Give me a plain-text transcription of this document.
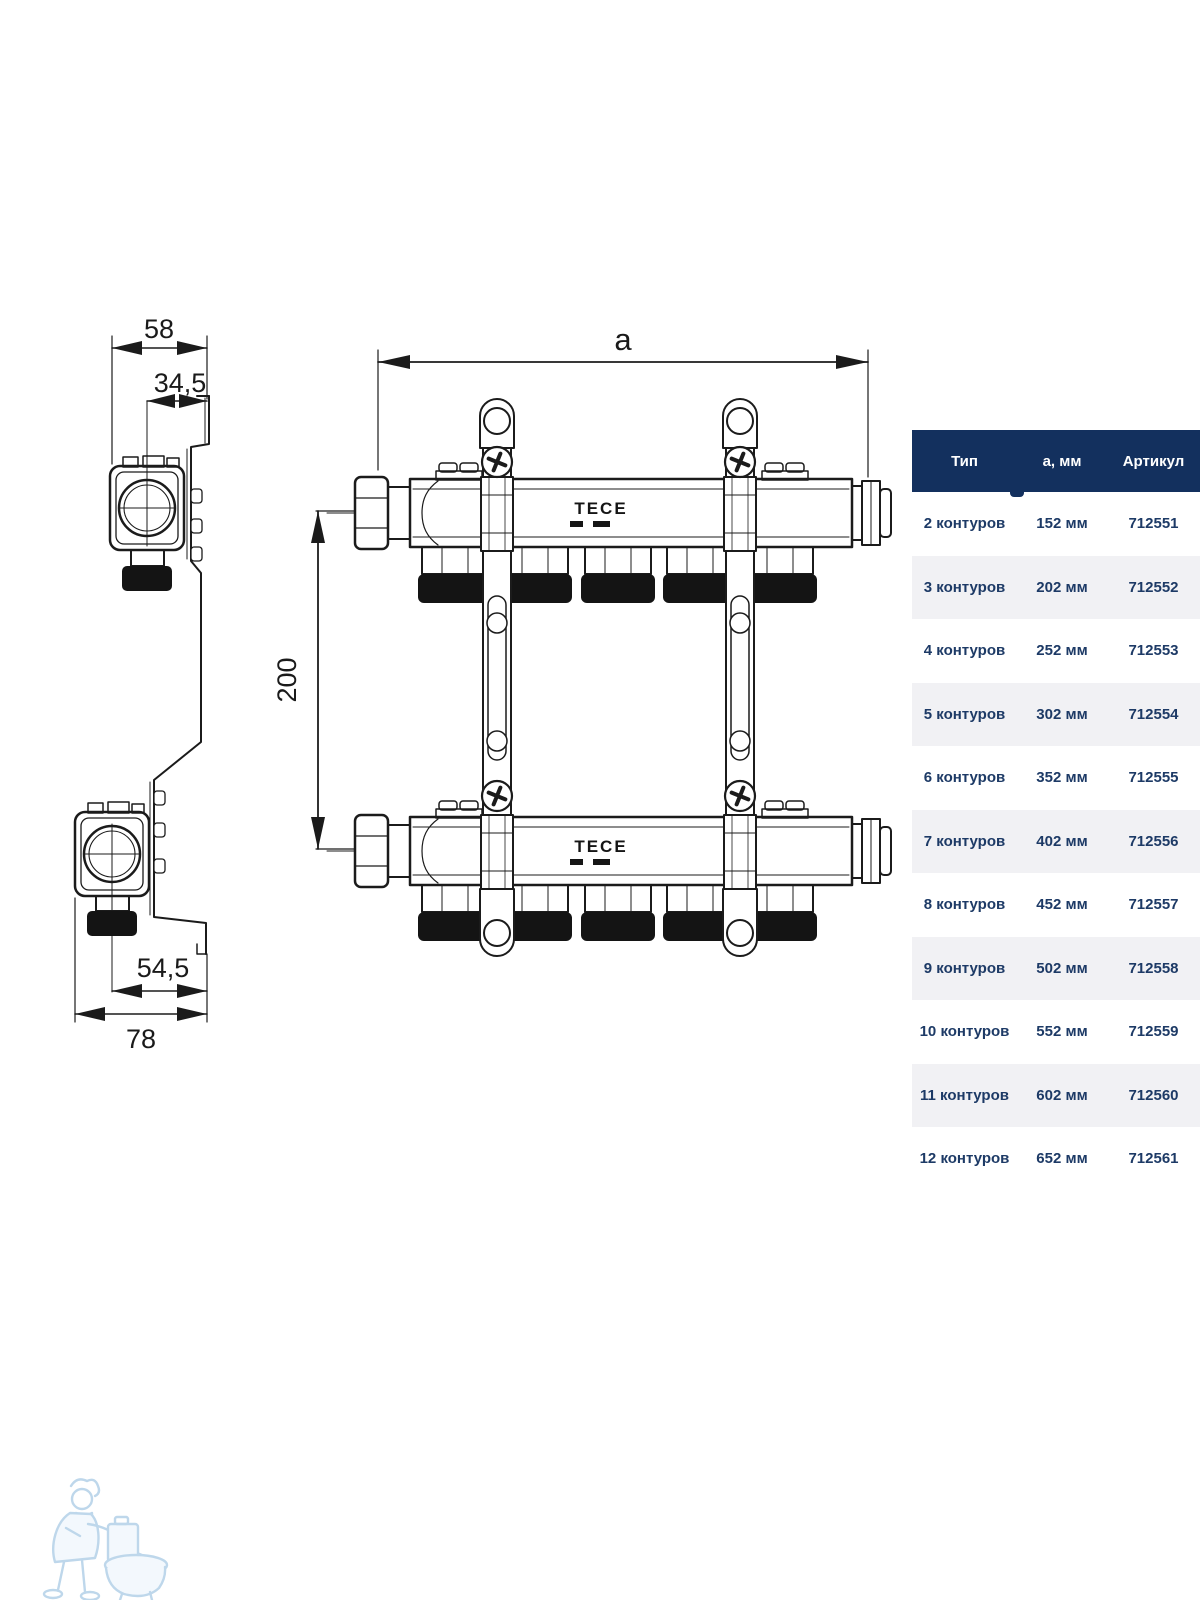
58
34,5
54,5
78
a
200
TECE
TECE
Тип	a, мм	Артикул
2 контуров	152 мм	712551
3 контуров	202 мм	712552
4 контуров	252 мм	712553
5 контуров	302 мм	712554
6 контуров	352 мм	712555
7 контуров	402 мм	712556
8 контуров	452 мм	712557
9 контуров	502 мм	712558
10 контуров	552 мм	712559
11 контуров	602 мм	712560
12 контуров	652 мм	712561
